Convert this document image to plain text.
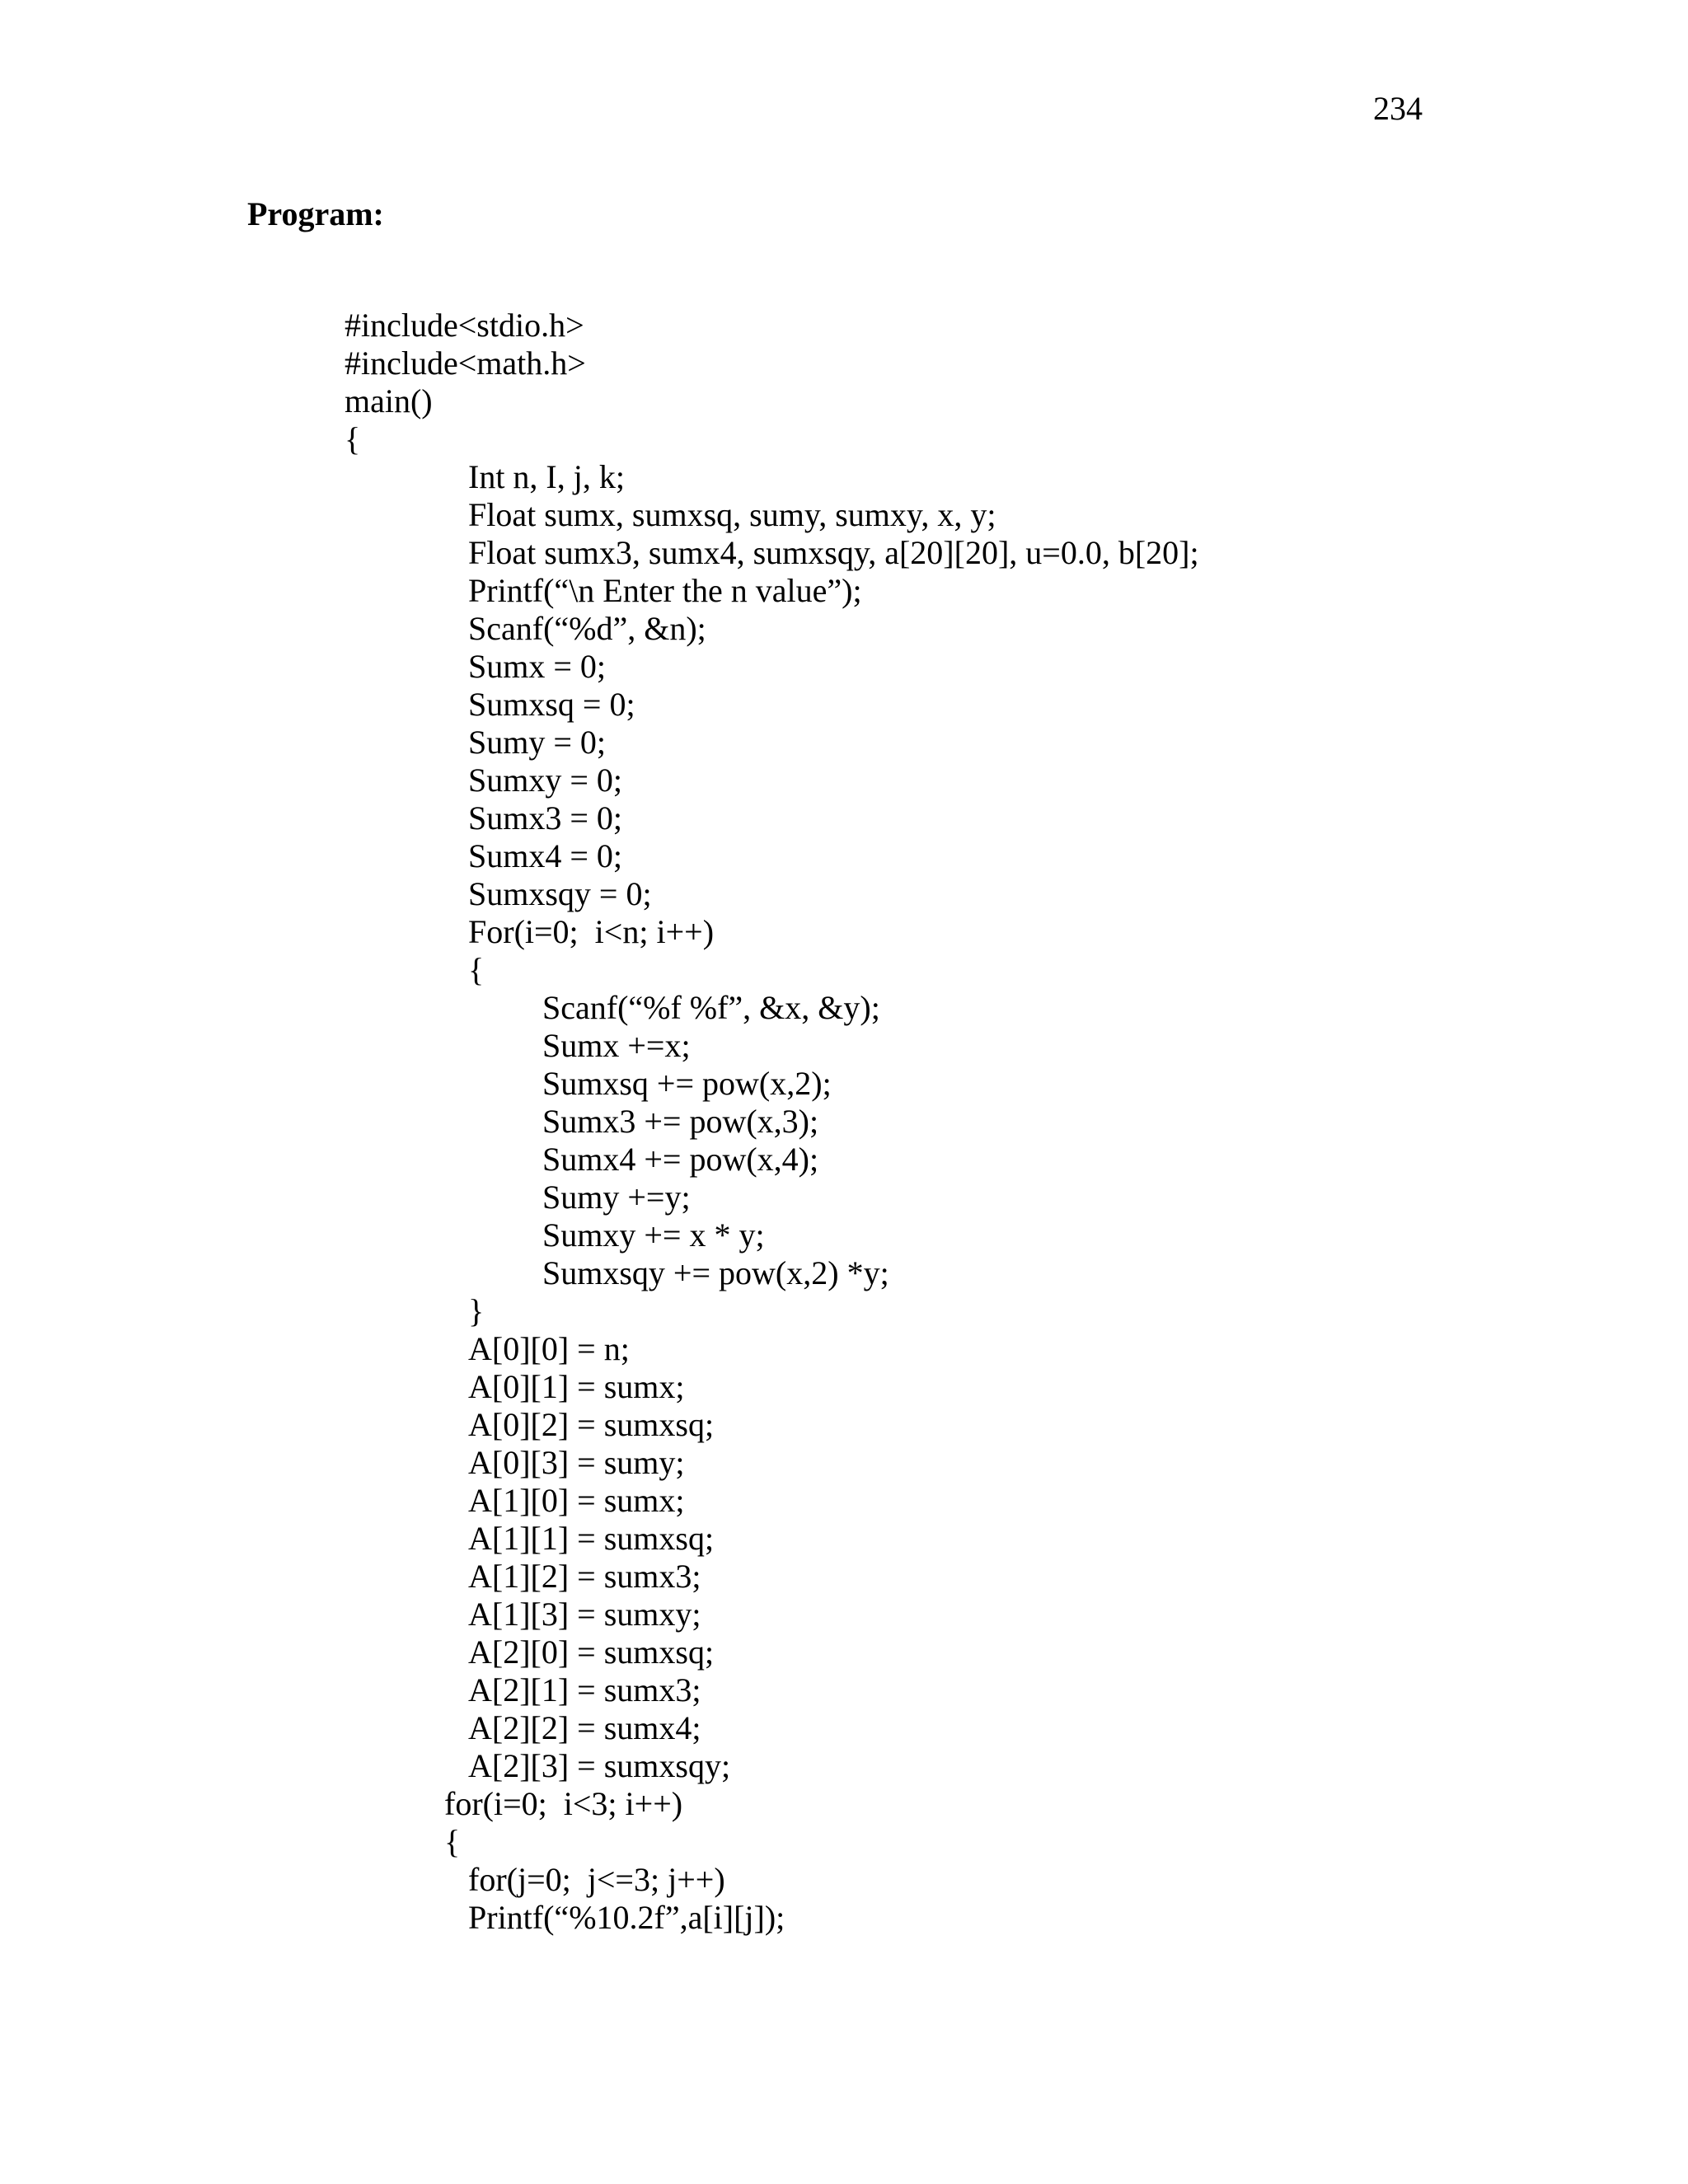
234
Program:
#include<stdio.h>
#include<math.h>
main()
{
Int n, I, j, k;
Float sumx, sumxsq, sumy, sumxy, x, y;
Float sumx3, sumx4, sumxsqy, a[20][20], u=0.0, b[20];
Printf(“\n Enter the n value”);
Scanf(“%d”, &n);
Sumx = 0;
Sumxsq = 0;
Sumy = 0;
Sumxy = 0;
Sumx3 = 0;
Sumx4 = 0;
Sumxsqy = 0;
For(i=0;  i<n; i++)
{
Scanf(“%f %f”, &x, &y);
Sumx +=x;
Sumxsq += pow(x,2);
Sumx3 += pow(x,3);
Sumx4 += pow(x,4);
Sumy +=y;
Sumxy += x * y;
Sumxsqy += pow(x,2) *y;
}
A[0][0] = n;
A[0][1] = sumx;
A[0][2] = sumxsq;
A[0][3] = sumy;
A[1][0] = sumx;
A[1][1] = sumxsq;
A[1][2] = sumx3;
A[1][3] = sumxy;
A[2][0] = sumxsq;
A[2][1] = sumx3;
A[2][2] = sumx4;
A[2][3] = sumxsqy;
for(i=0;  i<3; i++)
{
for(j=0;  j<=3; j++)
Printf(“%10.2f”,a[i][j]);
